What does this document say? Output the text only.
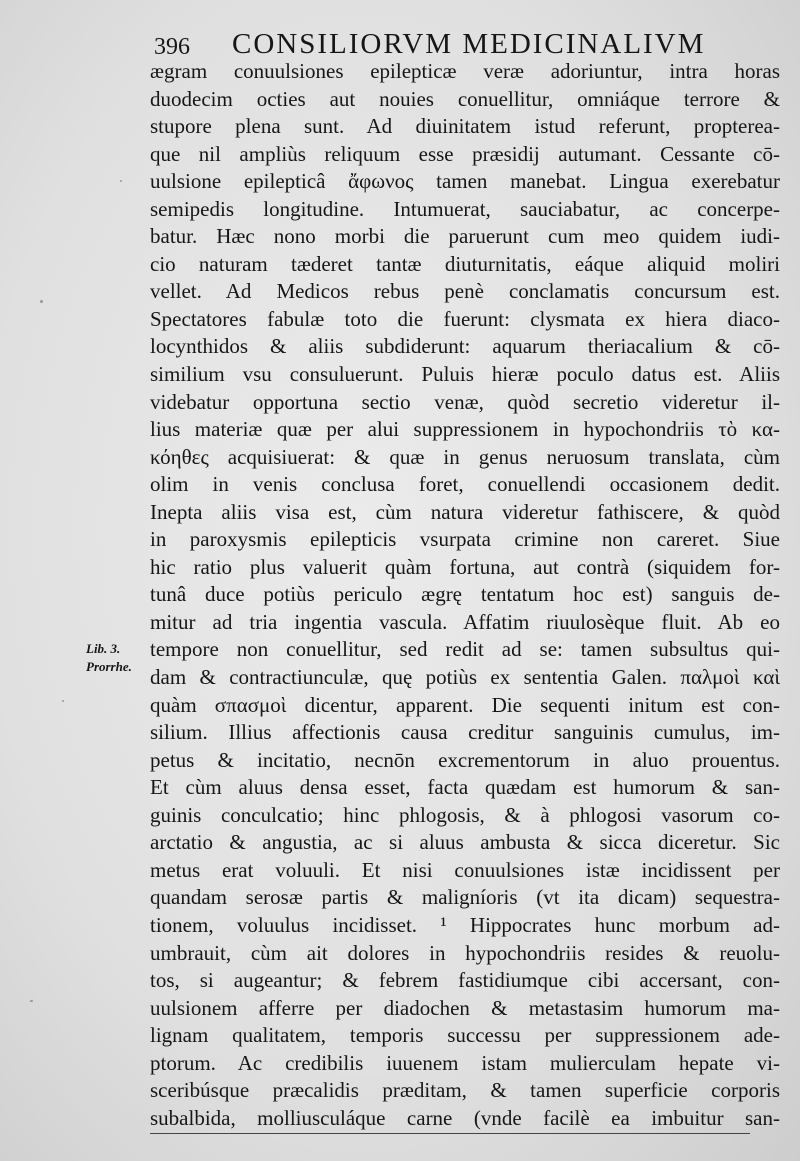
396 CONSILIORVM MEDICINALIVM
Lib. 3.
Prorrhe.
ægram conuulsiones epilepticæ veræ adoriuntur, intra horas
duodecim octies aut nouies conuellitur, omniáque terrore &
stupore plena sunt. Ad diuinitatem istud referunt, propterea-
que nil ampliùs reliquum esse præsidij autumant. Cessante cō-
uulsione epilepticâ ἄφωνος tamen manebat. Lingua exerebatur
semipedis longitudine. Intumuerat, sauciabatur, ac concerpe-
batur. Hæc nono morbi die paruerunt cum meo quidem iudi-
cio naturam tæderet tantæ diuturnitatis, eáque aliquid moliri
vellet. Ad Medicos rebus penè conclamatis concursum est.
Spectatores fabulæ toto die fuerunt: clysmata ex hiera diaco-
locynthidos & aliis subdiderunt: aquarum theriacalium & cō-
similium vsu consuluerunt. Puluis hieræ poculo datus est. Aliis
videbatur opportuna sectio venæ, quòd secretio videretur il-
lius materiæ quæ per alui suppressionem in hypochondriis τὸ κα-
κόηθες acquisiuerat: & quæ in genus neruosum translata, cùm
olim in venis conclusa foret, conuellendi occasionem dedit.
Inepta aliis visa est, cùm natura videretur fathiscere, & quòd
in paroxysmis epilepticis vsurpata crimine non careret. Siue
hic ratio plus valuerit quàm fortuna, aut contrà (siquidem for-
tunâ duce potiùs periculo ægrę tentatum hoc est) sanguis de-
mitur ad tria ingentia vascula. Affatim riuulosèque fluit. Ab eo
tempore non conuellitur, sed redit ad se: tamen subsultus qui-
dam & contractiunculæ, quę potiùs ex sententia Galen. παλμοὶ καὶ
quàm σπασμοὶ dicentur, apparent. Die sequenti initum est con-
silium. Illius affectionis causa creditur sanguinis cumulus, im-
petus & incitatio, necnōn excrementorum in aluo prouentus.
Et cùm aluus densa esset, facta quædam est humorum & san-
guinis conculcatio; hinc phlogosis, & à phlogosi vasorum co-
arctatio & angustia, ac si aluus ambusta & sicca diceretur. Sic
metus erat voluuli. Et nisi conuulsiones istæ incidissent per
quandam serosæ partis & maligníoris (vt ita dicam) sequestra-
tionem, voluulus incidisset. ¹ Hippocrates hunc morbum ad-
umbrauit, cùm ait dolores in hypochondriis resides & reuolu-
tos, si augeantur; & febrem fastidiumque cibi accersant, con-
uulsionem afferre per diadochen & metastasim humorum ma-
lignam qualitatem, temporis successu per suppressionem ade-
ptorum. Ac credibilis iuuenem istam mulierculam hepate vi-
sceribúsque præcalidis præditam, & tamen superficie corporis
subalbida, molliusculáque carne (vnde facilè ea imbuitur san-
